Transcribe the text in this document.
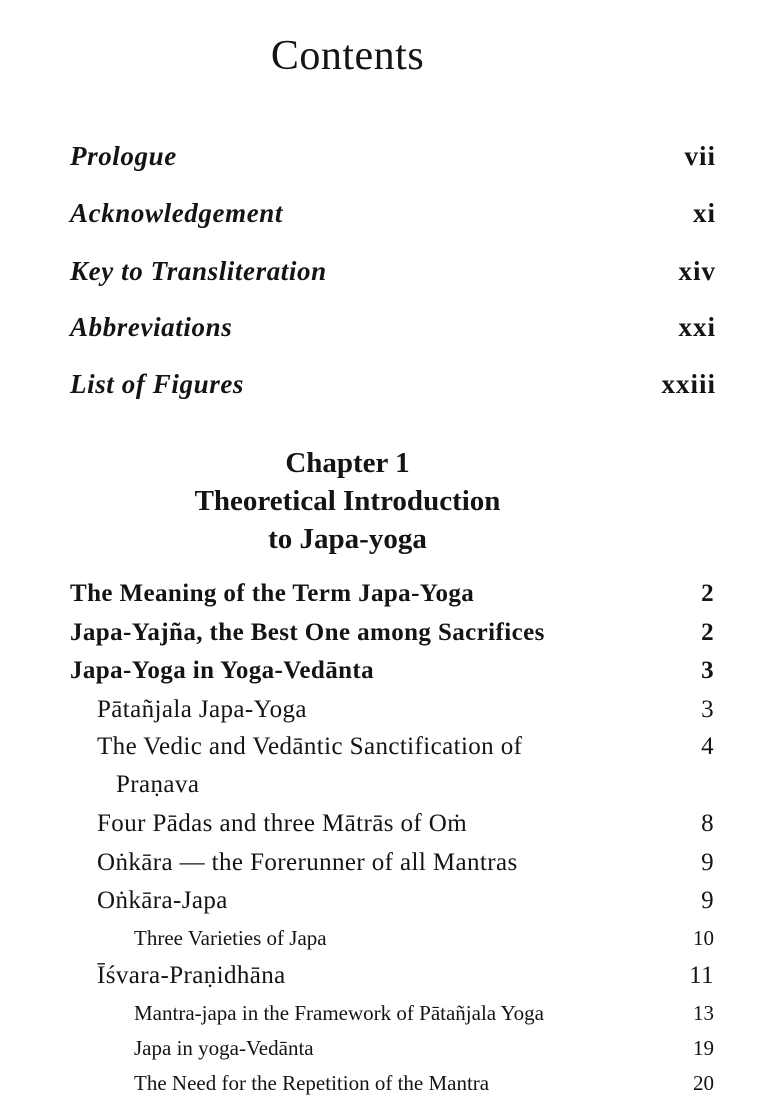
Contents
Prologue	vii
Acknowledgement	xi
Key to Transliteration	xiv
Abbreviations	xxi
List of Figures	xxiii
Chapter 1
Theoretical Introduction
to Japa-yoga
The Meaning of the Term Japa-Yoga	2
Japa-Yajña, the Best One among Sacrifices	2
Japa-Yoga in Yoga-Vedānta	3
Pātañjala Japa-Yoga	3
The Vedic and Vedāntic Sanctification of	4
Praṇava
Four Pādas and three Mātrās of Oṁ	8
Oṅkāra — the Forerunner of all Mantras	9
Oṅkāra-Japa	9
Three Varieties of Japa	10
Īśvara-Praṇidhāna	11
Mantra-japa in the Framework of Pātañjala Yoga	13
Japa in yoga-Vedānta	19
The Need for the Repetition of the Mantra	20
